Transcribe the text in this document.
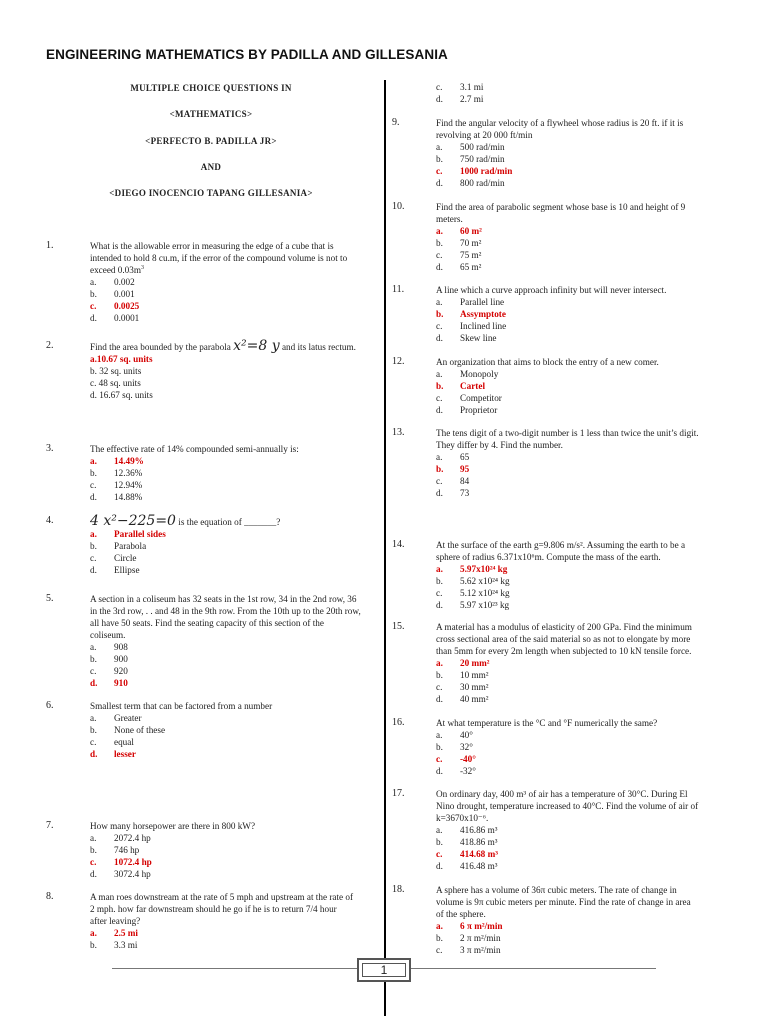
ENGINEERING MATHEMATICS BY PADILLA AND GILLESANIA
MULTIPLE CHOICE QUESTIONS IN
<MATHEMATICS>
<PERFECTO B. PADILLA JR>
AND
<DIEGO INOCENCIO TAPANG GILLESANIA>
1.	What is the allowable error in measuring the edge of a cube that is
intended to hold 8 cu.m, if the error of the compound volume is not to
exceed $0.03m^3$
a. 0.002
b. 0.001
c. 0.0025
d. 0.0001
2.	Find the area bounded by the parabola x²=8 y and its latus rectum.
a.10.67 sq. units
b. 32 sq. units
c. 48 sq. units
d. 16.67 sq. units
3.	The effective rate of 14% compounded semi-annually is:
a. 14.49%
b. 12.36%
c. 12.94%
d. 14.88%
4.	4 x²−225=0 is the equation of _______?
a. Parallel sides
b. Parabola
c. Circle
d. Ellipse
5.	A section in a coliseum has 32 seats in the 1st row, 34 in the 2nd row, 36
in the 3rd row, . . and 48 in the 9th row. From the 10th up to the 20th row,
all have 50 seats. Find the seating capacity of this section of the
coliseum.
a. 908
b. 900
c. 920
d. 910
6.	Smallest term that can be factored from a number
a. Greater
b. None of these
c. equal
d. lesser
7.	How many horsepower are there in 800 kW?
a. 2072.4 hp
b. 746 hp
c. 1072.4 hp
d. 3072.4 hp
8.	A man roes downstream at the rate of 5 mph and upstream at the rate of
2 mph. how far downstream should he go if he is to return 7/4 hour
after leaving?
a. 2.5 mi
b. 3.3 mi
c. 3.1 mi
d. 2.7 mi
9.	Find the angular velocity of a flywheel whose radius is 20 ft. if it is
revolving at 20 000 ft/min
a. 500 rad/min
b. 750 rad/min
c. 1000 rad/min
d. 800 rad/min
10.	Find the area of parabolic segment whose base is 10 and height of 9
meters.
a. 60 m²
b. 70 m²
c. 75 m²
d. 65 m²
11.	A line which a curve approach infinity but will never intersect.
a. Parallel line
b. Assymptote
c. Inclined line
d. Skew line
12.	An organization that aims to block the entry of a new comer.
a. Monopoly
b. Cartel
c. Competitor
d. Proprietor
13.	The tens digit of a two-digit number is 1 less than twice the unit’s digit.
They differ by 4. Find the number.
a. 65
b. 95
c. 84
d. 73
14.	At the surface of the earth g=9.806 m/s². Assuming the earth to be a
sphere of radius 6.371x10⁶m. Compute the mass of the earth.
a. 5.97x10²⁴ kg
b. 5.62 x10²⁴ kg
c. 5.12 x10²⁴ kg
d. 5.97 x10²³ kg
15.	A material has a modulus of elasticity of 200 GPa. Find the minimum
cross sectional area of the said material so as not to elongate by more
than 5mm for every 2m length when subjected to 10 kN tensile force.
a. 20 mm²
b. 10 mm²
c. 30 mm²
d. 40 mm²
16.	At what temperature is the °C and °F numerically the same?
a. 40°
b. 32°
c. -40°
d. -32°
17.	On ordinary day, 400 m³ of air has a temperature of 30°C. During El
Nino drought, temperature increased to 40°C. Find the volume of air of
k=3670x10⁻⁶.
a. 416.86 m³
b. 418.86 m³
c. 414.68 m³
d. 416.48 m³
18.	A sphere has a volume of 36π cubic meters. The rate of change in
volume is 9π cubic meters per minute. Find the rate of change in area
of the sphere.
a. 6 π m²/min
b. 2 π m²/min
c. 3 π m²/min
1
